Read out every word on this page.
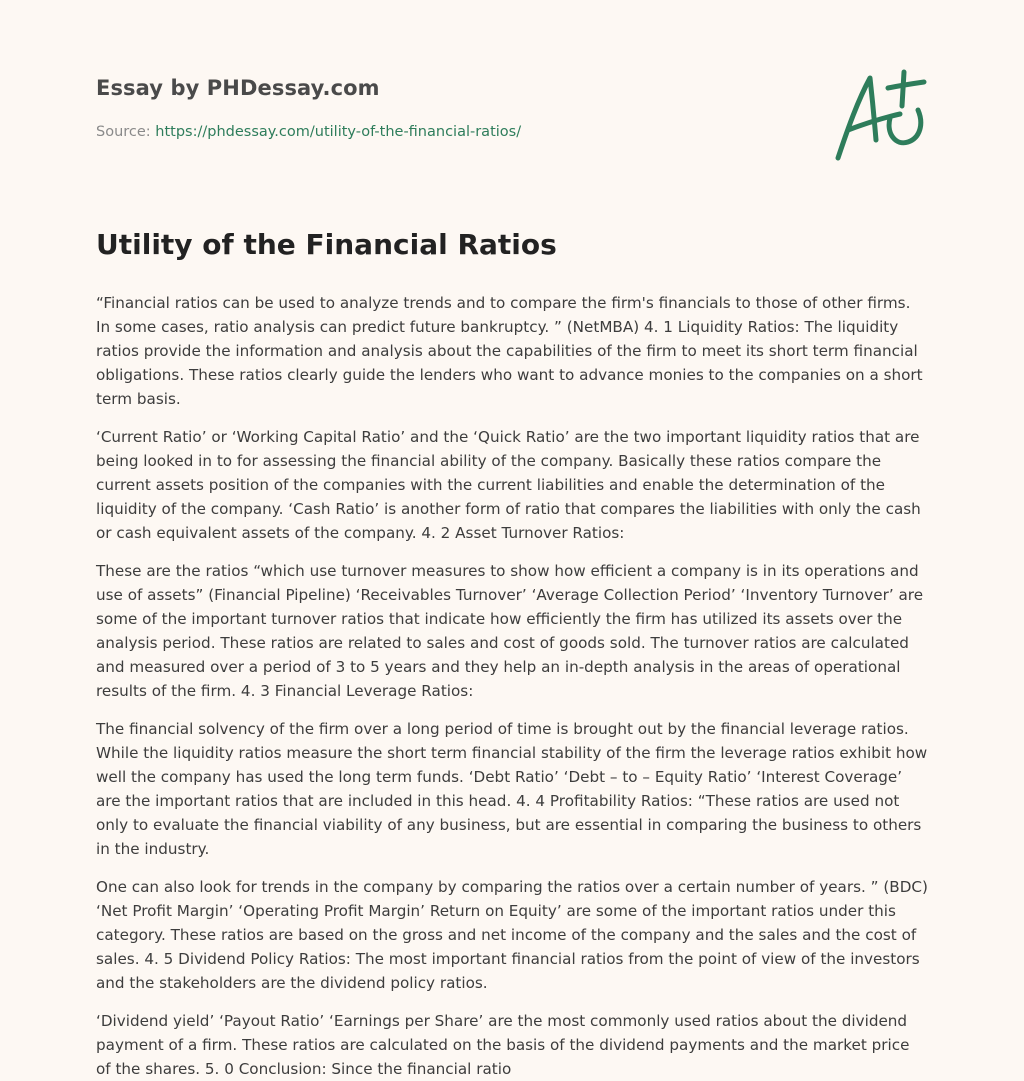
Essay by PHDessay.com
Source: https://phdessay.com/utility-of-the-financial-ratios/
Utility of the Financial Ratios

“Financial ratios can be used to analyze trends and to compare the firm's financials to those of other firms. In some cases, ratio analysis can predict future bankruptcy. ” (NetMBA) 4. 1 Liquidity Ratios: The liquidity ratios provide the information and analysis about the capabilities of the firm to meet its short term financial obligations. These ratios clearly guide the lenders who want to advance monies to the companies on a short term basis.

‘Current Ratio’ or ‘Working Capital Ratio’ and the ‘Quick Ratio’ are the two important liquidity ratios that are being looked in to for assessing the financial ability of the company. Basically these ratios compare the current assets position of the companies with the current liabilities and enable the determination of the liquidity of the company. ‘Cash Ratio’ is another form of ratio that compares the liabilities with only the cash or cash equivalent assets of the company. 4. 2 Asset Turnover Ratios:

These are the ratios “which use turnover measures to show how efficient a company is in its operations and use of assets” (Financial Pipeline) ‘Receivables Turnover’ ‘Average Collection Period’ ‘Inventory Turnover’ are some of the important turnover ratios that indicate how efficiently the firm has utilized its assets over the analysis period. These ratios are related to sales and cost of goods sold. The turnover ratios are calculated and measured over a period of 3 to 5 years and they help an in-depth analysis in the areas of operational results of the firm. 4. 3 Financial Leverage Ratios:

The financial solvency of the firm over a long period of time is brought out by the financial leverage ratios. While the liquidity ratios measure the short term financial stability of the firm the leverage ratios exhibit how well the company has used the long term funds. ‘Debt Ratio’ ‘Debt – to – Equity Ratio’ ‘Interest Coverage’ are the important ratios that are included in this head. 4. 4 Profitability Ratios: “These ratios are used not only to evaluate the financial viability of any business, but are essential in comparing the business to others in the industry.

One can also look for trends in the company by comparing the ratios over a certain number of years. ” (BDC) ‘Net Profit Margin’ ‘Operating Profit Margin’ Return on Equity’ are some of the important ratios under this category. These ratios are based on the gross and net income of the company and the sales and the cost of sales. 4. 5 Dividend Policy Ratios: The most important financial ratios from the point of view of the investors and the stakeholders are the dividend policy ratios.

‘Dividend yield’ ‘Payout Ratio’ ‘Earnings per Share’ are the most commonly used ratios about the dividend payment of a firm. These ratios are calculated on the basis of the dividend payments and the market price of the shares. 5. 0 Conclusion: Since the financial ratio
